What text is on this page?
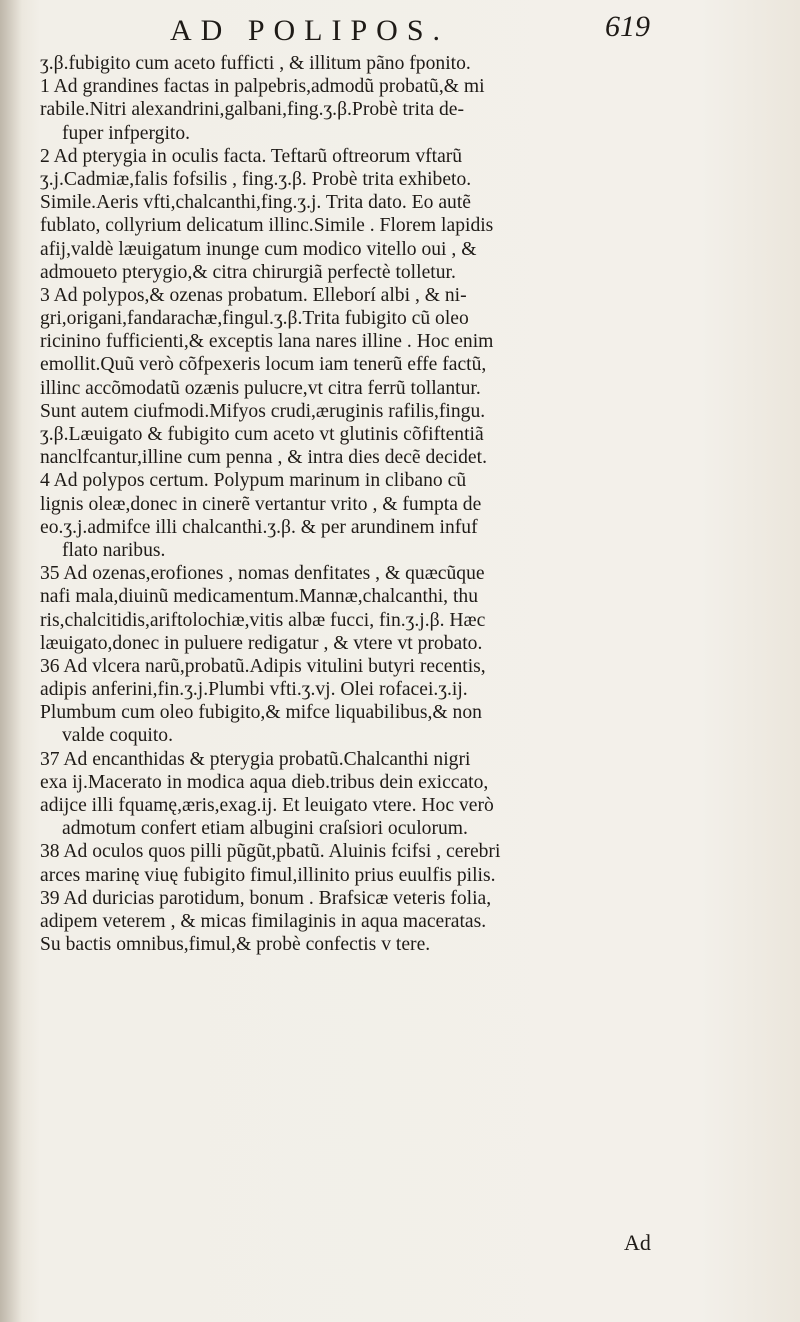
AD POLIPOS.	619
ʒ.β.fubigito cum aceto fufficti , & illitum pãno fponito.
1 Ad grandines factas in palpebris,admodũ probatũ,& mi
rabile.Nitri alexandrini,galbani,fing.ʒ.β.Probè trita de-
fuper infpergito.
2 Ad pterygia in oculis facta. Teftarũ oftreorum vftarũ
ʒ.j.Cadmiæ,falis fofsilis , fing.ʒ.β. Probè trita exhibeto.
Simile.Aeris vfti,chalcanthi,fing.ʒ.j. Trita dato. Eo autẽ
fublato, collyrium delicatum illinc.Simile . Florem lapidis
afij,valdè læuigatum inunge cum modico vitello oui , &
admoueto pterygio,& citra chirurgiã perfectè tolletur.
3 Ad polypos,& ozenas probatum. Elleborí albi , & ni-
gri,origani,fandarachæ,fingul.ʒ.β.Trita fubigito cũ oleo
ricinino fufficienti,& exceptis lana nares illine . Hoc enim
emollit.Quũ verò cõfpexeris locum iam tenerũ effe factũ,
illinc accõmodatũ ozænis pulucre,vt citra ferrũ tollantur.
Sunt autem ciufmodi.Mifyos crudi,æruginis rafilis,fingu.
ʒ.β.Læuigato & fubigito cum aceto vt glutinis cõfiftentiã
nanclfcantur,illine cum penna , & intra dies decẽ decidet.
4 Ad polypos certum. Polypum marinum in clibano cũ
lignis oleæ,donec in cinerẽ vertantur vrito , & fumpta de
eo.ʒ.j.admifce illi chalcanthi.ʒ.β. & per arundinem infuf
flato naribus.
35 Ad ozenas,erofiones , nomas denfitates , & quæcũque
nafi mala,diuinũ medicamentum.Mannæ,chalcanthi, thu
ris,chalcitidis,ariftolochiæ,vitis albæ fucci, fin.ʒ.j.β. Hæc
læuigato,donec in puluere redigatur , & vtere vt probato.
36 Ad vlcera narũ,probatũ.Adipis vitulini butyri recentis,
adipis anferini,fin.ʒ.j.Plumbi vfti.ʒ.vj. Olei rofacei.ʒ.ij.
Plumbum cum oleo fubigito,& mifce liquabilibus,& non
valde coquito.
37 Ad encanthidas & pterygia probatũ.Chalcanthi nigri
exa ij.Macerato in modica aqua dieb.tribus dein exiccato,
adijce illi fquamę,æris,exag.ij. Et leuigato vtere. Hoc verò
admotum confert etiam albugini craſsiori oculorum.
38 Ad oculos quos pilli pũgũt,pbatũ. Aluinis fcifsi , cerebri
arces marinę viuę fubigito fimul,illinito prius euulfis pilis.
39 Ad duricias parotidum, bonum . Brafsicæ veteris folia,
adipem veterem , & micas fimilaginis in aqua maceratas.
Su bactis omnibus,fimul,& probè confectis v tere.
Ad
